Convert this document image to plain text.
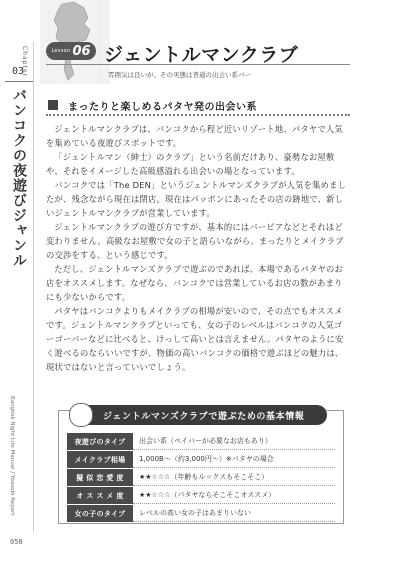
Chapter
03
バンコクの夜遊びジャンル
Bangkok Night Life Manual / Yoasobi Report
058
Lesson 06 ジェントルマンクラブ
雰囲気は良いが、その実態は普通の出会い系バー
まったりと楽しめるパタヤ発の出会い系

ジェントルマンクラブは、バンコクから程ど近いリゾート地、パタヤで人気を集めている夜遊びスポットです。

「ジェントルマン（紳士）のクラブ」という名前だけあり、豪勢なお屋敷や、それをイメージした高級感溢れる出会いの場となっています。

バンコクでは「The DEN」というジェントルマンズクラブが人気を集めましたが、残念ながら現在は閉店。現在はパッポンにあったその店の跡地で、新しいジェントルマンクラブが営業しています。

ジェントルマンクラブの遊び方ですが、基本的にはバービアなどとそれほど変わりません。高級なお屋敷で女の子と語らいながら、まったりとメイクラブの交渉をする、という感じです。

ただし、ジェントルマンズクラブで遊ぶのであれば、本場であるパタヤのお店をオススメします。なぜなら、バンコクでは営業しているお店の数があまりにも少ないからです。

パタヤはバンコクよりもメイクラブの相場が安いので、その点でもオススメです。ジェントルマンクラブといっても、女の子のレベルはバンコクの人気ゴーゴーバーなどに比べると、けっして高いとは言えません。パタヤのように安く遊べるのならいいですが、物価の高いバンコクの価格で遊ぶほどの魅力は、現状ではないと言っていいでしょう。

ジェントルマンズクラブで遊ぶための基本情報
夜遊びのタイプ	出会い系（ペイバーが必要なお店もあり）
メイクラブ相場	1,000B～（約3,000円～）※パタヤの場合
擬 似 恋 愛 度	★★☆☆☆（年齢もルックスもそこそこ）
オ ス ス メ 度	★★☆☆☆（パタヤならそこそこオススメ）
女の子のタイプ	レベルの高い女の子はあまりいない
